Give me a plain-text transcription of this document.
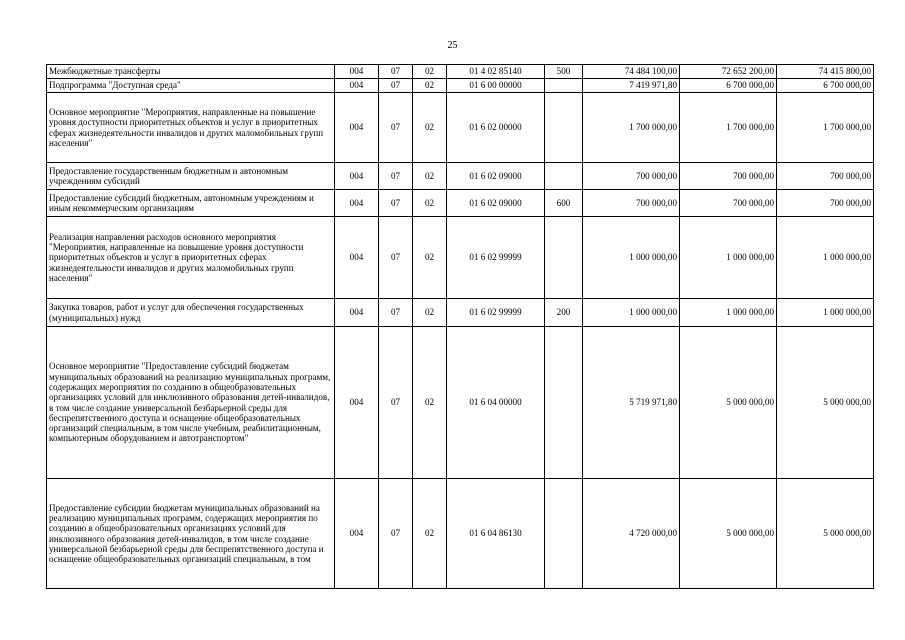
25
Межбюджетные трансферты	004	07	02	01 4 02 85140	500	74 484 100,00	72 652 200,00	74 415 800,00
Подпрограмма "Доступная среда"	004	07	02	01 6 00 00000		7 419 971,80	6 700 000,00	6 700 000,00
Основное мероприятие "Мероприятия, направленные на повышение уровня доступности приоритетных объектов и услуг в приоритетных сферах жизнедеятельности инвалидов и других маломобильных групп населения"	004	07	02	01 6 02 00000		1 700 000,00	1 700 000,00	1 700 000,00
Предоставление государственным бюджетным и автономным учреждениям субсидий	004	07	02	01 6 02 09000		700 000,00	700 000,00	700 000,00
Предоставление субсидий бюджетным, автономным учреждениям и иным некоммерческим организациям	004	07	02	01 6 02 09000	600	700 000,00	700 000,00	700 000,00
Реализация направления расходов основного мероприятия "Мероприятия, направленные на повышение уровня доступности приоритетных объектов и услуг в приоритетных сферах жизнедеятельности инвалидов и других маломобильных групп населения"	004	07	02	01 6 02 99999		1 000 000,00	1 000 000,00	1 000 000,00
Закупка товаров, работ и услуг для обеспечения государственных (муниципальных) нужд	004	07	02	01 6 02 99999	200	1 000 000,00	1 000 000,00	1 000 000,00
Основное мероприятие "Предоставление субсидий бюджетам муниципальных образований на реализацию муниципальных программ, содержащих мероприятия по созданию в общеобразовательных организациях условий для инклюзивного образования детей-инвалидов, в том числе создание универсальной безбарьерной среды для беспрепятственного доступа и оснащение общеобразовательных организаций специальным, в том числе учебным, реабилитационным, компьютерным оборудованием и автотранспортом"	004	07	02	01 6 04 00000		5 719 971,80	5 000 000,00	5 000 000,00
Предоставление субсидии бюджетам муниципальных образований на реализацию муниципальных программ, содержащих мероприятия по созданию в общеобразовательных организациях условий для инклюзивного образования детей-инвалидов, в том числе создание универсальной безбарьерной среды для беспрепятственного доступа и оснащение общеобразовательных организаций специальным, в том	004	07	02	01 6 04 86130		4 720 000,00	5 000 000,00	5 000 000,00
